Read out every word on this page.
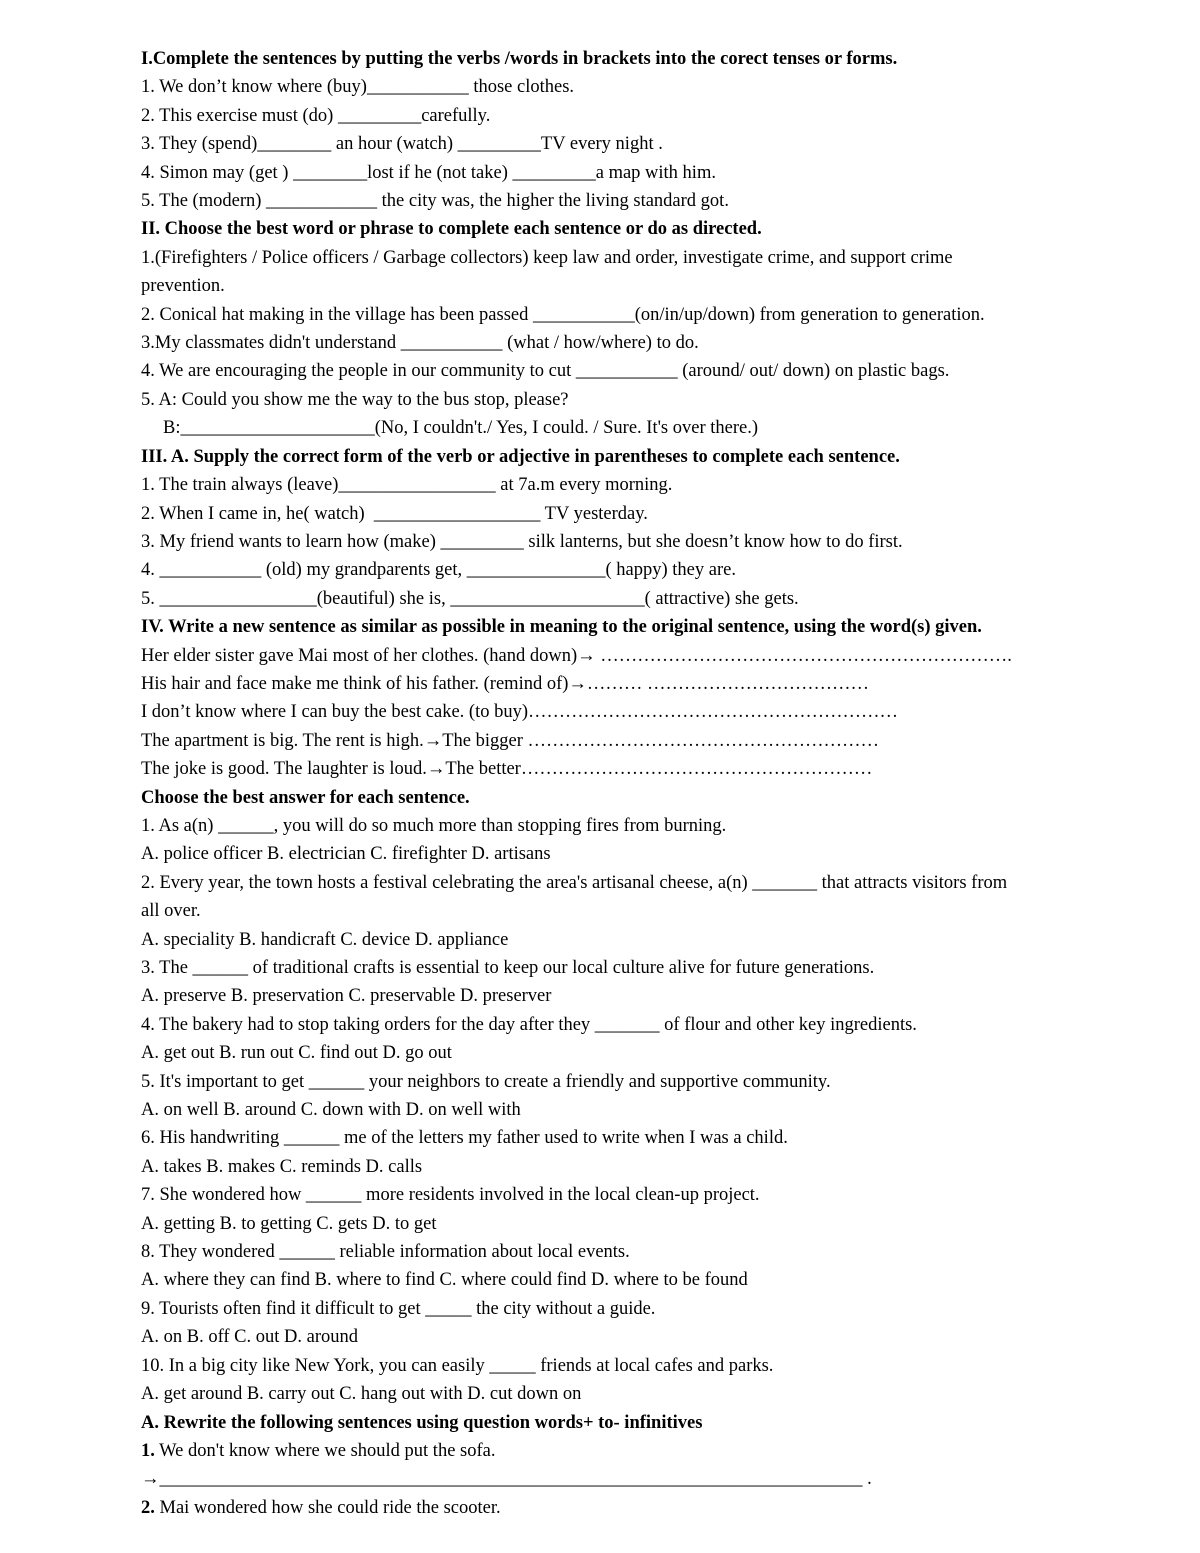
I.Complete the sentences by putting the verbs /words in brackets into the corect tenses or forms.

1. We don’t know where (buy)___________ those clothes.

2. This exercise must (do) _________carefully.

3. They (spend)________ an hour (watch) _________TV every night .

4. Simon may (get ) ________lost if he (not take) _________a map with him.

5. The (modern) ____________ the city was, the higher the living standard got.

II. Choose the best word or phrase to complete each sentence or do as directed.

1.(Firefighters / Police officers / Garbage collectors) keep law and order, investigate crime, and support crime

prevention.

2. Conical hat making in the village has been passed ___________(on/in/up/down) from generation to generation.

3.My classmates didn't understand ___________ (what / how/where) to do.

4. We are encouraging the people in our community to cut ___________ (around/ out/ down) on plastic bags.

5. A: Could you show me the way to the bus stop, please?

B:_____________________(No, I couldn't./ Yes, I could. / Sure. It's over there.)

III. A. Supply the correct form of the verb or adjective in parentheses to complete each sentence.

1. The train always (leave)_________________ at 7a.m every morning.

2. When I came in, he( watch)  __________________ TV yesterday.

3. My friend wants to learn how (make) _________ silk lanterns, but she doesn’t know how to do first.

4. ___________ (old) my grandparents get, _______________( happy) they are.

5. _________________(beautiful) she is, _____________________( attractive) she gets.

IV. Write a new sentence as similar as possible in meaning to the original sentence, using the word(s) given.

Her elder sister gave Mai most of her clothes. (hand down)→ ………………………………………………………….

His hair and face make me think of his father. (remind of)→……… ………………………………

I don’t know where I can buy the best cake. (to buy)……………………………………………………

The apartment is big. The rent is high.→The bigger …………………………………………………

The joke is good. The laughter is loud.→The better…………………………………………………

Choose the best answer for each sentence.

1. As a(n) ______, you will do so much more than stopping fires from burning.

A. police officer B. electrician C. firefighter D. artisans

2. Every year, the town hosts a festival celebrating the area's artisanal cheese, a(n) _______ that attracts visitors from

all over.

A. speciality B. handicraft C. device D. appliance

3. The ______ of traditional crafts is essential to keep our local culture alive for future generations.

A. preserve B. preservation C. preservable D. preserver

4. The bakery had to stop taking orders for the day after they _______ of flour and other key ingredients.

A. get out B. run out C. find out D. go out

5. It's important to get ______ your neighbors to create a friendly and supportive community.

A. on well B. around C. down with D. on well with

6. His handwriting ______ me of the letters my father used to write when I was a child.

A. takes B. makes C. reminds D. calls

7. She wondered how ______ more residents involved in the local clean-up project.

A. getting B. to getting C. gets D. to get

8. They wondered ______ reliable information about local events.

A. where they can find B. where to find C. where could find D. where to be found

9. Tourists often find it difficult to get _____ the city without a guide.

A. on B. off C. out D. around

10. In a big city like New York, you can easily _____ friends at local cafes and parks.

A. get around B. carry out C. hang out with D. cut down on

A. Rewrite the following sentences using question words+ to- infinitives

1. We don't know where we should put the sofa.

→____________________________________________________________________________ .

2. Mai wondered how she could ride the scooter.
